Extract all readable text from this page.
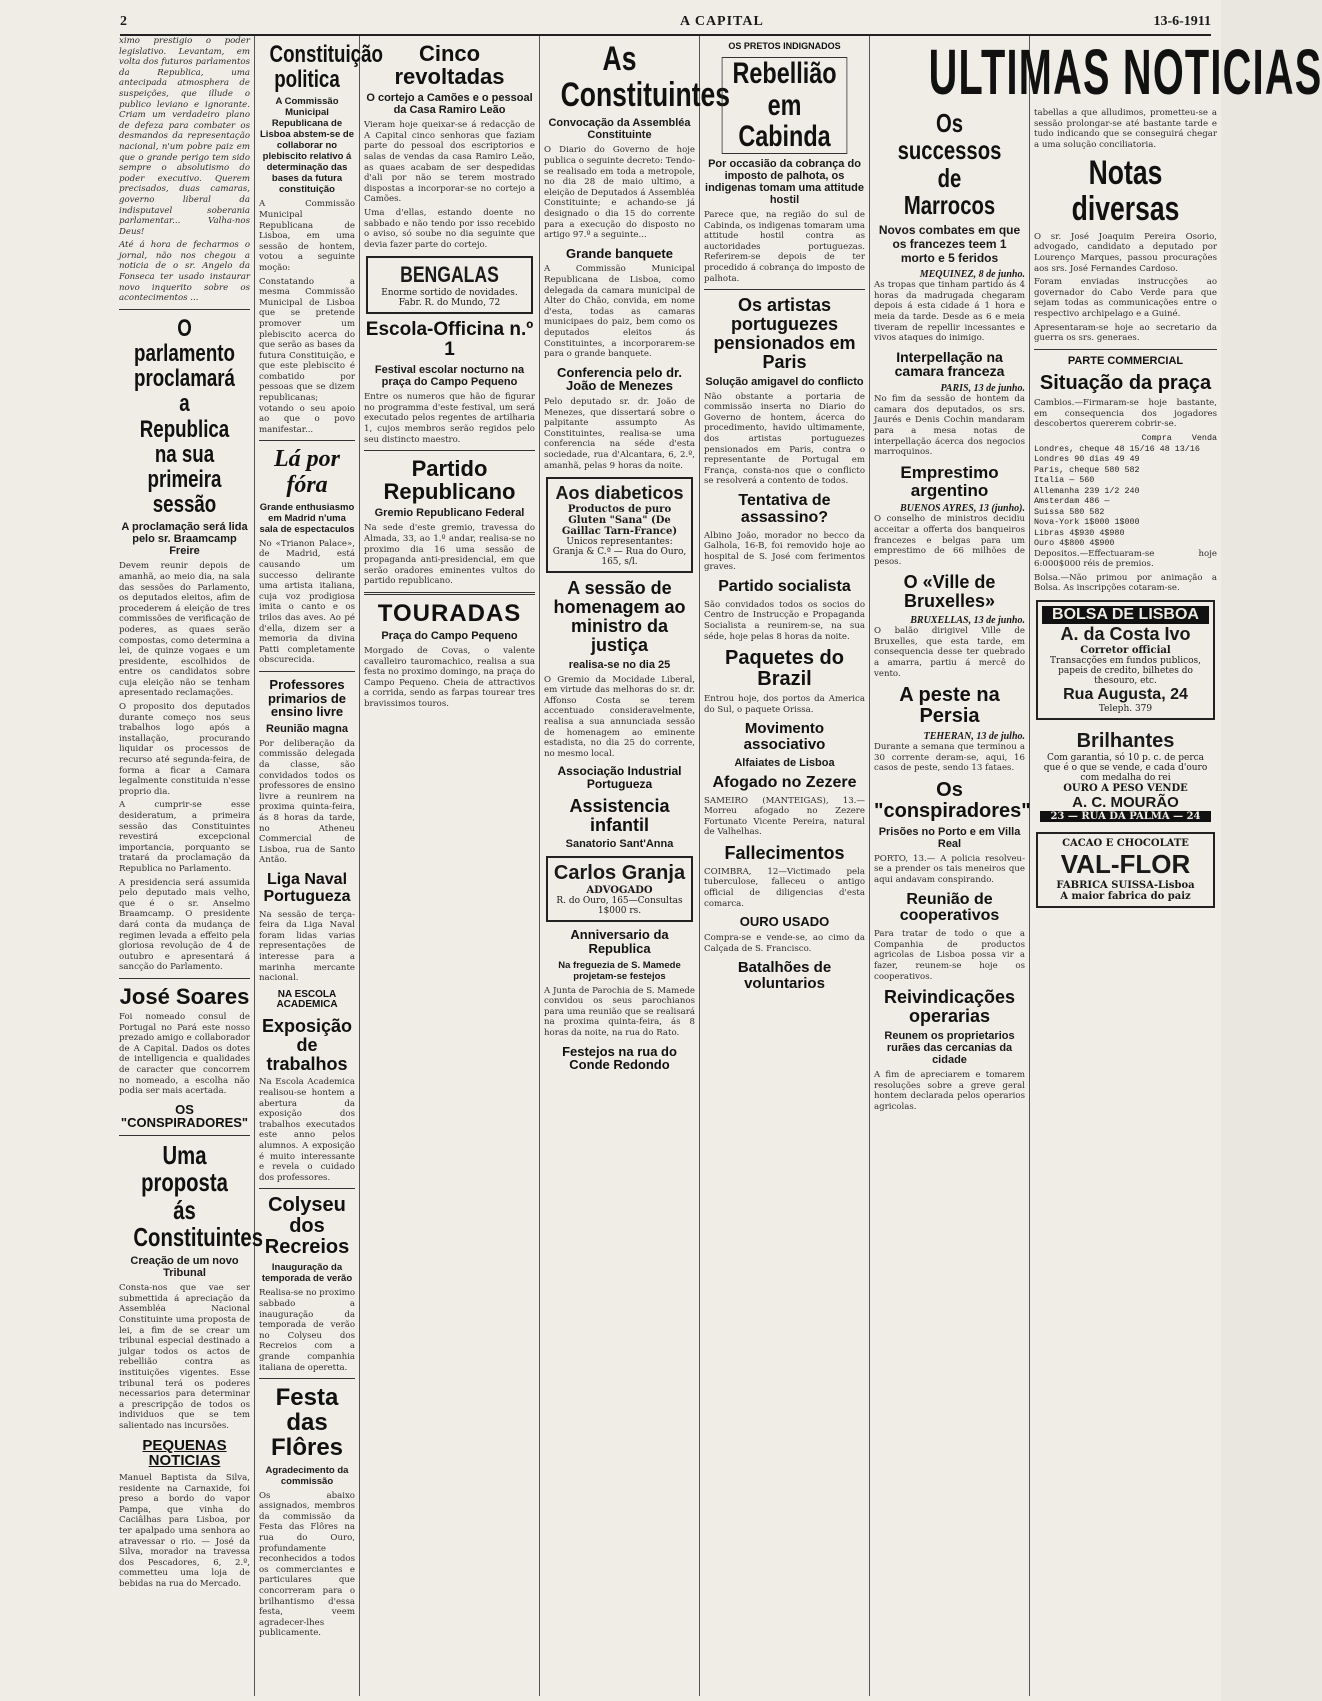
2	A CAPITAL	13-6-1911

ximo prestigio o poder legislativo. Levantam, em volta dos futuros parlamentos da Republica, uma antecipada atmosphera de suspeições, que illude o publico leviano e ignorante. Criam um verdadeiro plano de defeza para combater os desmandos da representação nacional, n'um pobre paiz em que o grande perigo tem sido sempre o absolutismo do poder executivo. Querem precisados, duas camaras, governo liberal da indisputavel soberania parlamentar... Valha-nos Deus!

Até á hora de fecharmos o jornal, não nos chegou a noticia de o sr. Angelo da Fonseca ter usado instaurar novo inquerito sobre os acontecimentos ...

O parlamento proclamará a Republica na sua primeira sessão
A proclamação será lida pelo sr. Braamcamp Freire

Devem reunir depois de amanhã, ao meio dia, na sala das sessões do Parlamento, os deputados eleitos, afim de procederem á eleição de tres commissões de verificação de poderes, as quaes serão compostas, como determina a lei, de quinze vogaes e um presidente, escolhidos de entre os candidatos sobre cuja eleição não se tenham apresentado reclamações.

O proposito dos deputados durante começo nos seus trabalhos logo após a installação, procurando liquidar os processos de recurso até segunda-feira, de forma a ficar a Camara legalmente constituida n'esse proprio dia.

A cumprir-se esse desideratum, a primeira sessão das Constituintes revestirá excepcional importancia, porquanto se tratará da proclamação da Republica no Parlamento.

A presidencia será assumida pelo deputado mais velho, que é o sr. Anselmo Braamcamp. O presidente dará conta da mudança de regimen levada a effeito pela gloriosa revolução de 4 de outubro e apresentará á sancção do Parlamento.

José Soares

Foi nomeado consul de Portugal no Pará este nosso prezado amigo e collaborador de A Capital. Dados os dotes de intelligencia e qualidades de caracter que concorrem no nomeado, a escolha não podia ser mais acertada.

OS "CONSPIRADORES"
Uma proposta ás Constituintes
Creação de um novo Tribunal

Consta-nos que vae ser submettida á apreciação da Assembléa Nacional Constituinte uma proposta de lei, a fim de se crear um tribunal especial destinado a julgar todos os actos de rebellião contra as instituições vigentes. Esse tribunal terá os poderes necessarios para determinar a prescripção de todos os individuos que se tem salientado nas incursões.

PEQUENAS NOTICIAS

Manuel Baptista da Silva, residente na Carnaxide, foi preso a bordo do vapor Pampa, que vinha do Caciâlhas para Lisboa, por ter apalpado uma senhora ao atravessar o rio. — José da Silva, morador na travessa dos Pescadores, 6, 2.º, commetteu uma loja de bebidas na rua do Mercado.

Constituição politica
A Commissão Municipal Republicana de Lisboa abstem-se de collaborar no plebiscito relativo á determinação das bases da futura constituição

A Commissão Municipal Republicana de Lisboa, em uma sessão de hontem, votou a seguinte moção:

Constatando a mesma Commissão Municipal de Lisboa que se pretende promover um plebiscito acerca do que serão as bases da futura Constituição, e que este plebiscito é combatido por pessoas que se dizem republicanas; votando o seu apoio ao que o povo manifestar...

Lá por fóra
Grande enthusiasmo em Madrid n'uma sala de espectaculos

No «Trianon Palace», de Madrid, está causando um successo delirante uma artista italiana, cuja voz prodigiosa imita o canto e os trilos das aves. Ao pé d'ella, dizem ser a memoria da divina Patti completamente obscurecida.

Professores primarios de ensino livre
Reunião magna

Por deliberação da commissão delegada da classe, são convidados todos os professores de ensino livre a reunirem na proxima quinta-feira, ás 8 horas da tarde, no Atheneu Commercial de Lisboa, rua de Santo Antão.

Liga Naval Portugueza

Na sessão de terça-feira da Liga Naval foram lidas varias representações de interesse para a marinha mercante nacional.

NA ESCOLA ACADEMICA
Exposição de trabalhos

Na Escola Academica realisou-se hontem a abertura da exposição dos trabalhos executados este anno pelos alumnos. A exposição é muito interessante e revela o cuidado dos professores.

Colyseu dos Recreios
Inauguração da temporada de verão

Realisa-se no proximo sabbado a inauguração da temporada de verão no Colyseu dos Recreios com a grande companhia italiana de operetta.

Festa das Flôres
Agradecimento da commissão

Os abaixo assignados, membros da commissão da Festa das Flôres na rua do Ouro, profundamente reconhecidos a todos os commerciantes e particulares que concorreram para o brilhantismo d'essa festa, veem agradecer-lhes publicamente.

Cinco revoltadas
O cortejo a Camões e o pessoal da Casa Ramiro Leão

Vieram hoje queixar-se á redacção de A Capital cinco senhoras que faziam parte do pessoal dos escriptorios e salas de vendas da casa Ramiro Leão, as quaes acabam de ser despedidas d'ali por não se terem mostrado dispostas a incorporar-se no cortejo a Camões.

Uma d'ellas, estando doente no sabbado e não tendo por isso recebido o aviso, só soube no dia seguinte que devia fazer parte do cortejo.

BENGALAS
Enorme sortido de novidades. Fabr. R. do Mundo, 72
Escola-Officina n.º 1
Festival escolar nocturno na praça do Campo Pequeno

Entre os numeros que hão de figurar no programma d'este festival, um será executado pelos regentes de artilharia 1, cujos membros serão regidos pelo seu distincto maestro.

Partido Republicano
Gremio Republicano Federal

Na sede d'este gremio, travessa do Almada, 33, ao 1.º andar, realisa-se no proximo dia 16 uma sessão de propaganda anti-presidencial, em que serão oradores eminentes vultos do partido republicano.

TOURADAS
Praça do Campo Pequeno

Morgado de Covas, o valente cavalleiro tauromachico, realisa a sua festa no proximo domingo, na praça do Campo Pequeno. Cheia de attractivos a corrida, sendo as farpas tourear tres bravissimos touros.

As Constituintes
Convocação da Assembléa Constituinte

O Diario do Governo de hoje publica o seguinte decreto: Tendo-se realisado em toda a metropole, no dia 28 de maio ultimo, a eleição de Deputados á Assembléa Constituinte; e achando-se já designado o dia 15 do corrente para a execução do disposto no artigo 97.º a seguinte...

Grande banquete

A Commissão Municipal Republicana de Lisboa, como delegada da camara municipal de Alter do Chão, convida, em nome d'esta, todas as camaras municipaes do paiz, bem como os deputados eleitos ás Constituintes, a incorporarem-se para o grande banquete.

Conferencia pelo dr. João de Menezes

Pelo deputado sr. dr. João de Menezes, que dissertará sobre o palpitante assumpto As Constituintes, realisa-se uma conferencia na séde d'esta sociedade, rua d'Alcantara, 6, 2.º, amanhã, pelas 9 horas da noite.

Aos diabeticos
Productos de puro Gluten "Sana" (De Gaillac Tarn-France)
Unicos representantes: Granja & C.ª — Rua do Ouro, 165, s/l.
A sessão de homenagem ao ministro da justiça
realisa-se no dia 25

O Gremio da Mocidade Liberal, em virtude das melhoras do sr. dr. Affonso Costa se terem accentuado consideravelmente, realisa a sua annunciada sessão de homenagem ao eminente estadista, no dia 25 do corrente, no mesmo local.

Associação Industrial Portugueza
Assistencia infantil
Sanatorio Sant'Anna
Carlos Granja
ADVOGADO
R. do Ouro, 165—Consultas 1$000 rs.
Anniversario da Republica
Na freguezia de S. Mamede projetam-se festejos

A Junta de Parochia de S. Mamede convidou os seus parochianos para uma reunião que se realisará na proxima quinta-feira, ás 8 horas da noite, na rua do Rato.

Festejos na rua do Conde Redondo
OS PRETOS INDIGNADOS
Rebellião em Cabinda
Por occasião da cobrança do imposto de palhota, os indigenas tomam uma attitude hostil

Parece que, na região do sul de Cabinda, os indigenas tomaram uma attitude hostil contra as auctoridades portuguezas. Referirem-se depois de ter procedido á cobrança do imposto de palhota.

Os artistas portuguezes pensionados em Paris
Solução amigavel do conflicto

Não obstante a portaria de commissão inserta no Diario do Governo de hontem, ácerca do procedimento, havido ultimamente, dos artistas portuguezes pensionados em Paris, contra o representante de Portugal em França, consta-nos que o conflicto se resolverá a contento de todos.

Tentativa de assassino?

Albino João, morador no becco da Galhola, 16-B, foi removido hoje ao hospital de S. José com ferimentos graves.

Partido socialista

São convidados todos os socios do Centro de Instrucção e Propaganda Socialista a reunirem-se, na sua séde, hoje pelas 8 horas da noite.

Paquetes do Brazil

Entrou hoje, dos portos da America do Sul, o paquete Orissa.

Movimento associativo
Alfaiates de Lisboa
Afogado no Zezere

SAMEIRO (MANTEIGAS), 13.— Morreu afogado no Zezere Fortunato Vicente Pereira, natural de Valhelhas.

Fallecimentos

COIMBRA, 12—Victimado pela tuberculose, falleceu o antigo official de diligencias d'esta comarca.

OURO USADO

Compra-se e vende-se, ao cimo da Calçada de S. Francisco.

Batalhões de voluntarios
ULTIMAS NOTICIAS
Os successos de Marrocos
Novos combates em que os francezes teem 1 morto e 5 feridos
MEQUINEZ, 8 de junho.

As tropas que tinham partido ás 4 horas da madrugada chegaram depois á esta cidade á 1 hora e meia da tarde. Desde as 6 e meia tiveram de repellir incessantes e vivos ataques do inimigo.

Interpellação na camara franceza
PARIS, 13 de junho.

No fim da sessão de hontem da camara dos deputados, os srs. Jaurés e Denis Cochin mandaram para a mesa notas de interpellação ácerca dos negocios marroquinos.

Emprestimo argentino
BUENOS AYRES, 13 (junho).

O conselho de ministros decidiu acceitar a offerta dos banqueiros francezes e belgas para um emprestimo de 66 milhões de pesos.

O «Ville de Bruxelles»
BRUXELLAS, 13 de junho.

O balão dirigivel Ville de Bruxelles, que esta tarde, em consequencia desse ter quebrado a amarra, partiu á mercê do vento.

A peste na Persia
TEHERAN, 13 de julho.

Durante a semana que terminou a 30 corrente deram-se, aqui, 16 casos de peste, sendo 13 fataes.

Os "conspiradores"
Prisões no Porto e em Villa Real

PORTO, 13.— A policia resolveu-se a prender os tais meneiros que aqui andavam conspirando.

Reunião de cooperativos

Para tratar de todo o que a Companhia de productos agricolas de Lisboa possa vir a fazer, reunem-se hoje os cooperativos.

Reivindicações operarias
Reunem os proprietarios rurães das cercanias da cidade

A fim de apreciarem e tomarem resoluções sobre a greve geral hontem declarada pelos operarios agricolas.

tabellas a que alludimos, prometteu-se a sessão prolongar-se até bastante tarde e tudo indicando que se conseguirá chegar a uma solução conciliatoria.

Notas diversas

O sr. José Joaquim Pereira Osorio, advogado, candidato a deputado por Lourenço Marques, passou procurações aos srs. José Fernandes Cardoso.

Foram enviadas instrucções ao governador do Cabo Verde para que sejam todas as communicações entre o respectivo archipelago e a Guiné.

Apresentaram-se hoje ao secretario da guerra os srs. generaes.

PARTE COMMERCIAL
Situação da praça

Cambios.—Firmaram-se hoje bastante, em consequencia dos jogadores descobertos quererem cobrir-se.

Compra    Venda
Londres, cheque 48 15/16 48 13/16
Londres 90 dias 49 49
Paris, cheque 580 582
Italia — 560
Allemanha 239 1/2 240
Amsterdam 486 —
Suissa 580 582
Nova-York 1$000 1$000
Libras 4$930 4$980
Ouro 4$800 4$900

Depositos.—Effectuaram-se hoje 6:000$000 réis de premios.

Bolsa.—Não primou por animação a Bolsa. As inscripções cotaram-se.

BOLSA DE LISBOA
A. da Costa Ivo
Corretor official
Transacções em fundos publicos, papeis de credito, bilhetes do thesouro, etc.
Rua Augusta, 24
Teleph. 379
Brilhantes
Com garantia, só 10 p. c. de perca que é o que se vende, e cada d'ouro com medalha do rei
OURO A PESO VENDE
A. C. MOURÃO
23 — RUA DA PALMA — 24
CACAO E CHOCOLATE
VAL-FLOR
FABRICA SUISSA-Lisboa
A maior fabrica do paiz
